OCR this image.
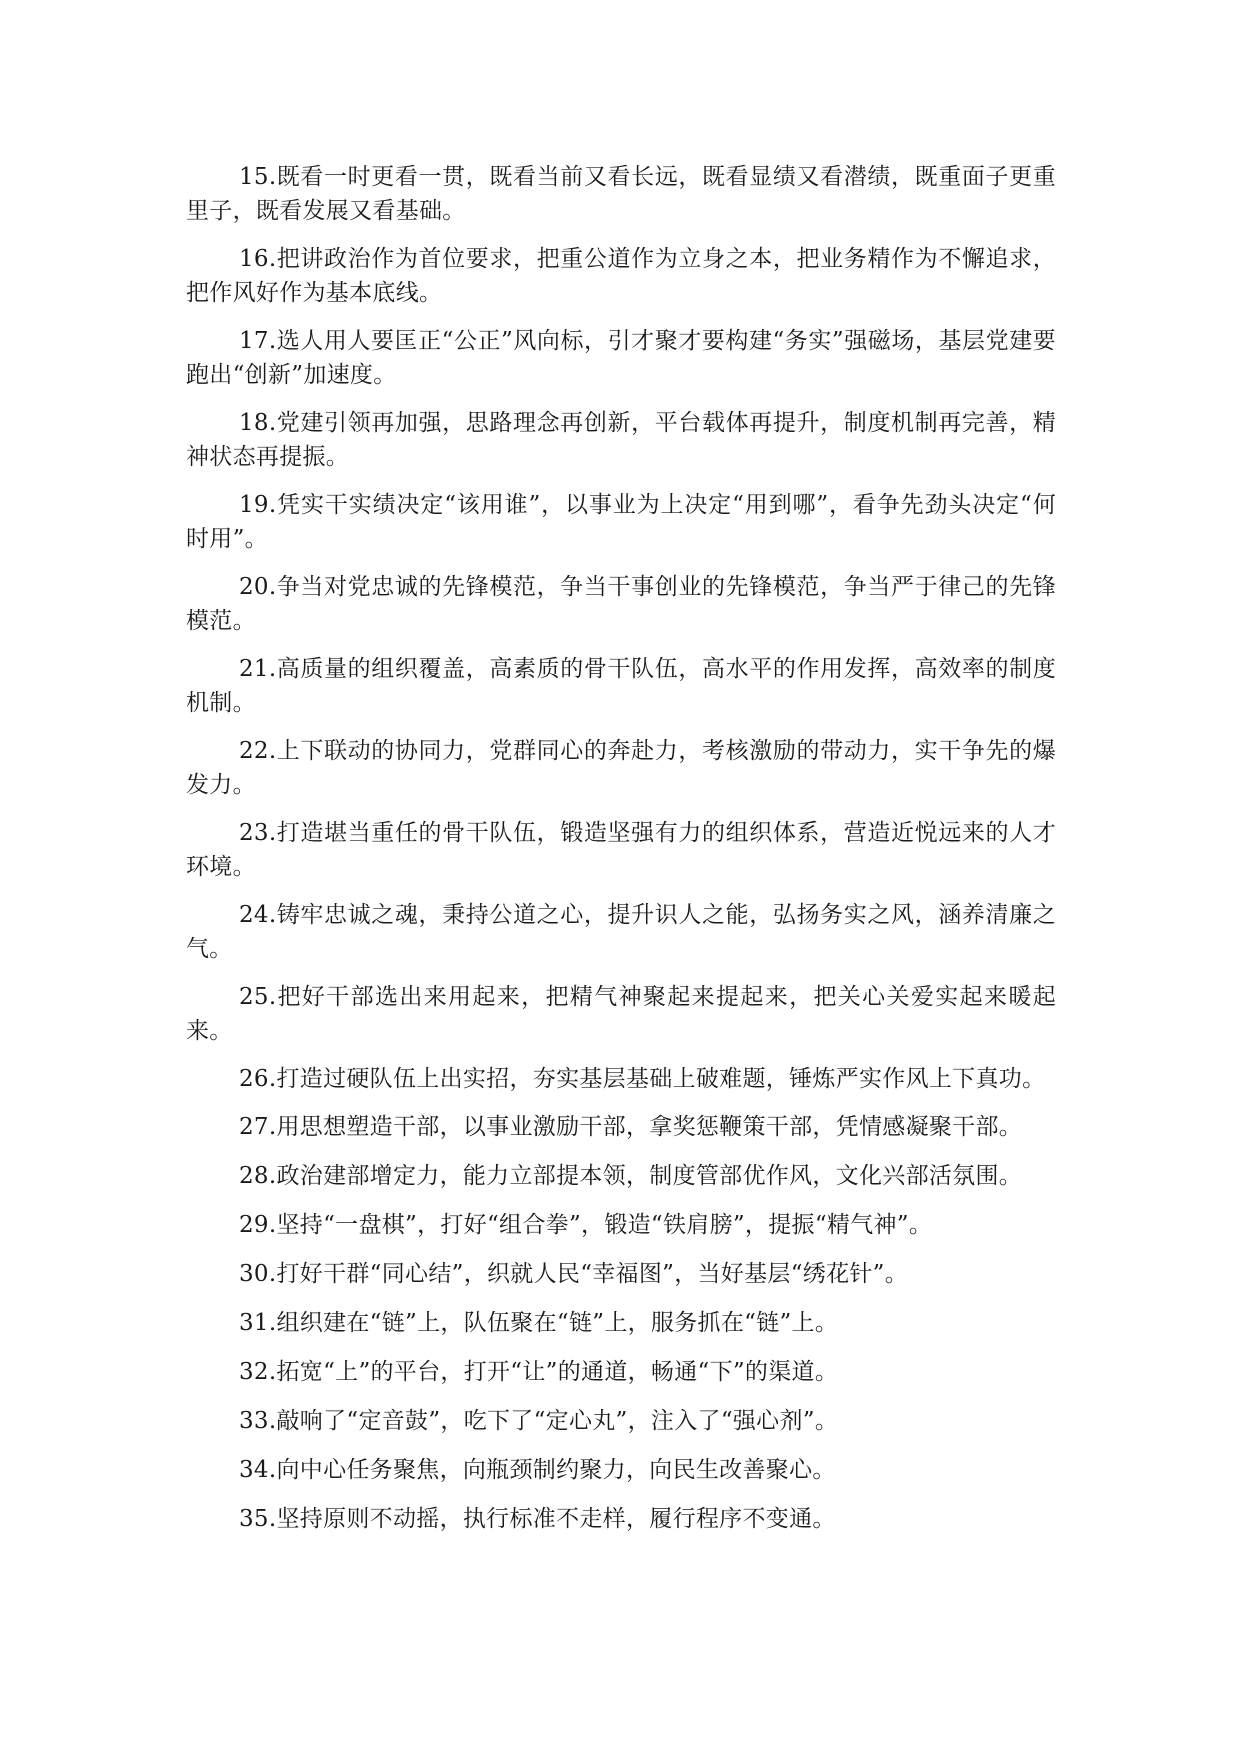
15.既看一时更看一贯，既看当前又看长远，既看显绩又看潜绩，既重面子更重里子，既看发展又看基础。

16.把讲政治作为首位要求，把重公道作为立身之本，把业务精作为不懈追求，把作风好作为基本底线。

17.选人用人要匡正“公正”风向标，引才聚才要构建“务实”强磁场，基层党建要跑出“创新”加速度。

18.党建引领再加强，思路理念再创新，平台载体再提升，制度机制再完善，精神状态再提振。

19.凭实干实绩决定“该用谁”，以事业为上决定“用到哪”，看争先劲头决定“何时用”。

20.争当对党忠诚的先锋模范，争当干事创业的先锋模范，争当严于律己的先锋模范。

21.高质量的组织覆盖，高素质的骨干队伍，高水平的作用发挥，高效率的制度机制。

22.上下联动的协同力，党群同心的奔赴力，考核激励的带动力，实干争先的爆发力。

23.打造堪当重任的骨干队伍，锻造坚强有力的组织体系，营造近悦远来的人才环境。

24.铸牢忠诚之魂，秉持公道之心，提升识人之能，弘扬务实之风，涵养清廉之气。

25.把好干部选出来用起来，把精气神聚起来提起来，把关心关爱实起来暖起来。

26.打造过硬队伍上出实招，夯实基层基础上破难题，锤炼严实作风上下真功。

27.用思想塑造干部，以事业激励干部，拿奖惩鞭策干部，凭情感凝聚干部。

28.政治建部增定力，能力立部提本领，制度管部优作风，文化兴部活氛围。

29.坚持“一盘棋”，打好“组合拳”，锻造“铁肩膀”，提振“精气神”。

30.打好干群“同心结”，织就人民“幸福图”，当好基层“绣花针”。

31.组织建在“链”上，队伍聚在“链”上，服务抓在“链”上。

32.拓宽“上”的平台，打开“让”的通道，畅通“下”的渠道。

33.敲响了“定音鼓”，吃下了“定心丸”，注入了“强心剂”。

34.向中心任务聚焦，向瓶颈制约聚力，向民生改善聚心。

35.坚持原则不动摇，执行标准不走样，履行程序不变通。
